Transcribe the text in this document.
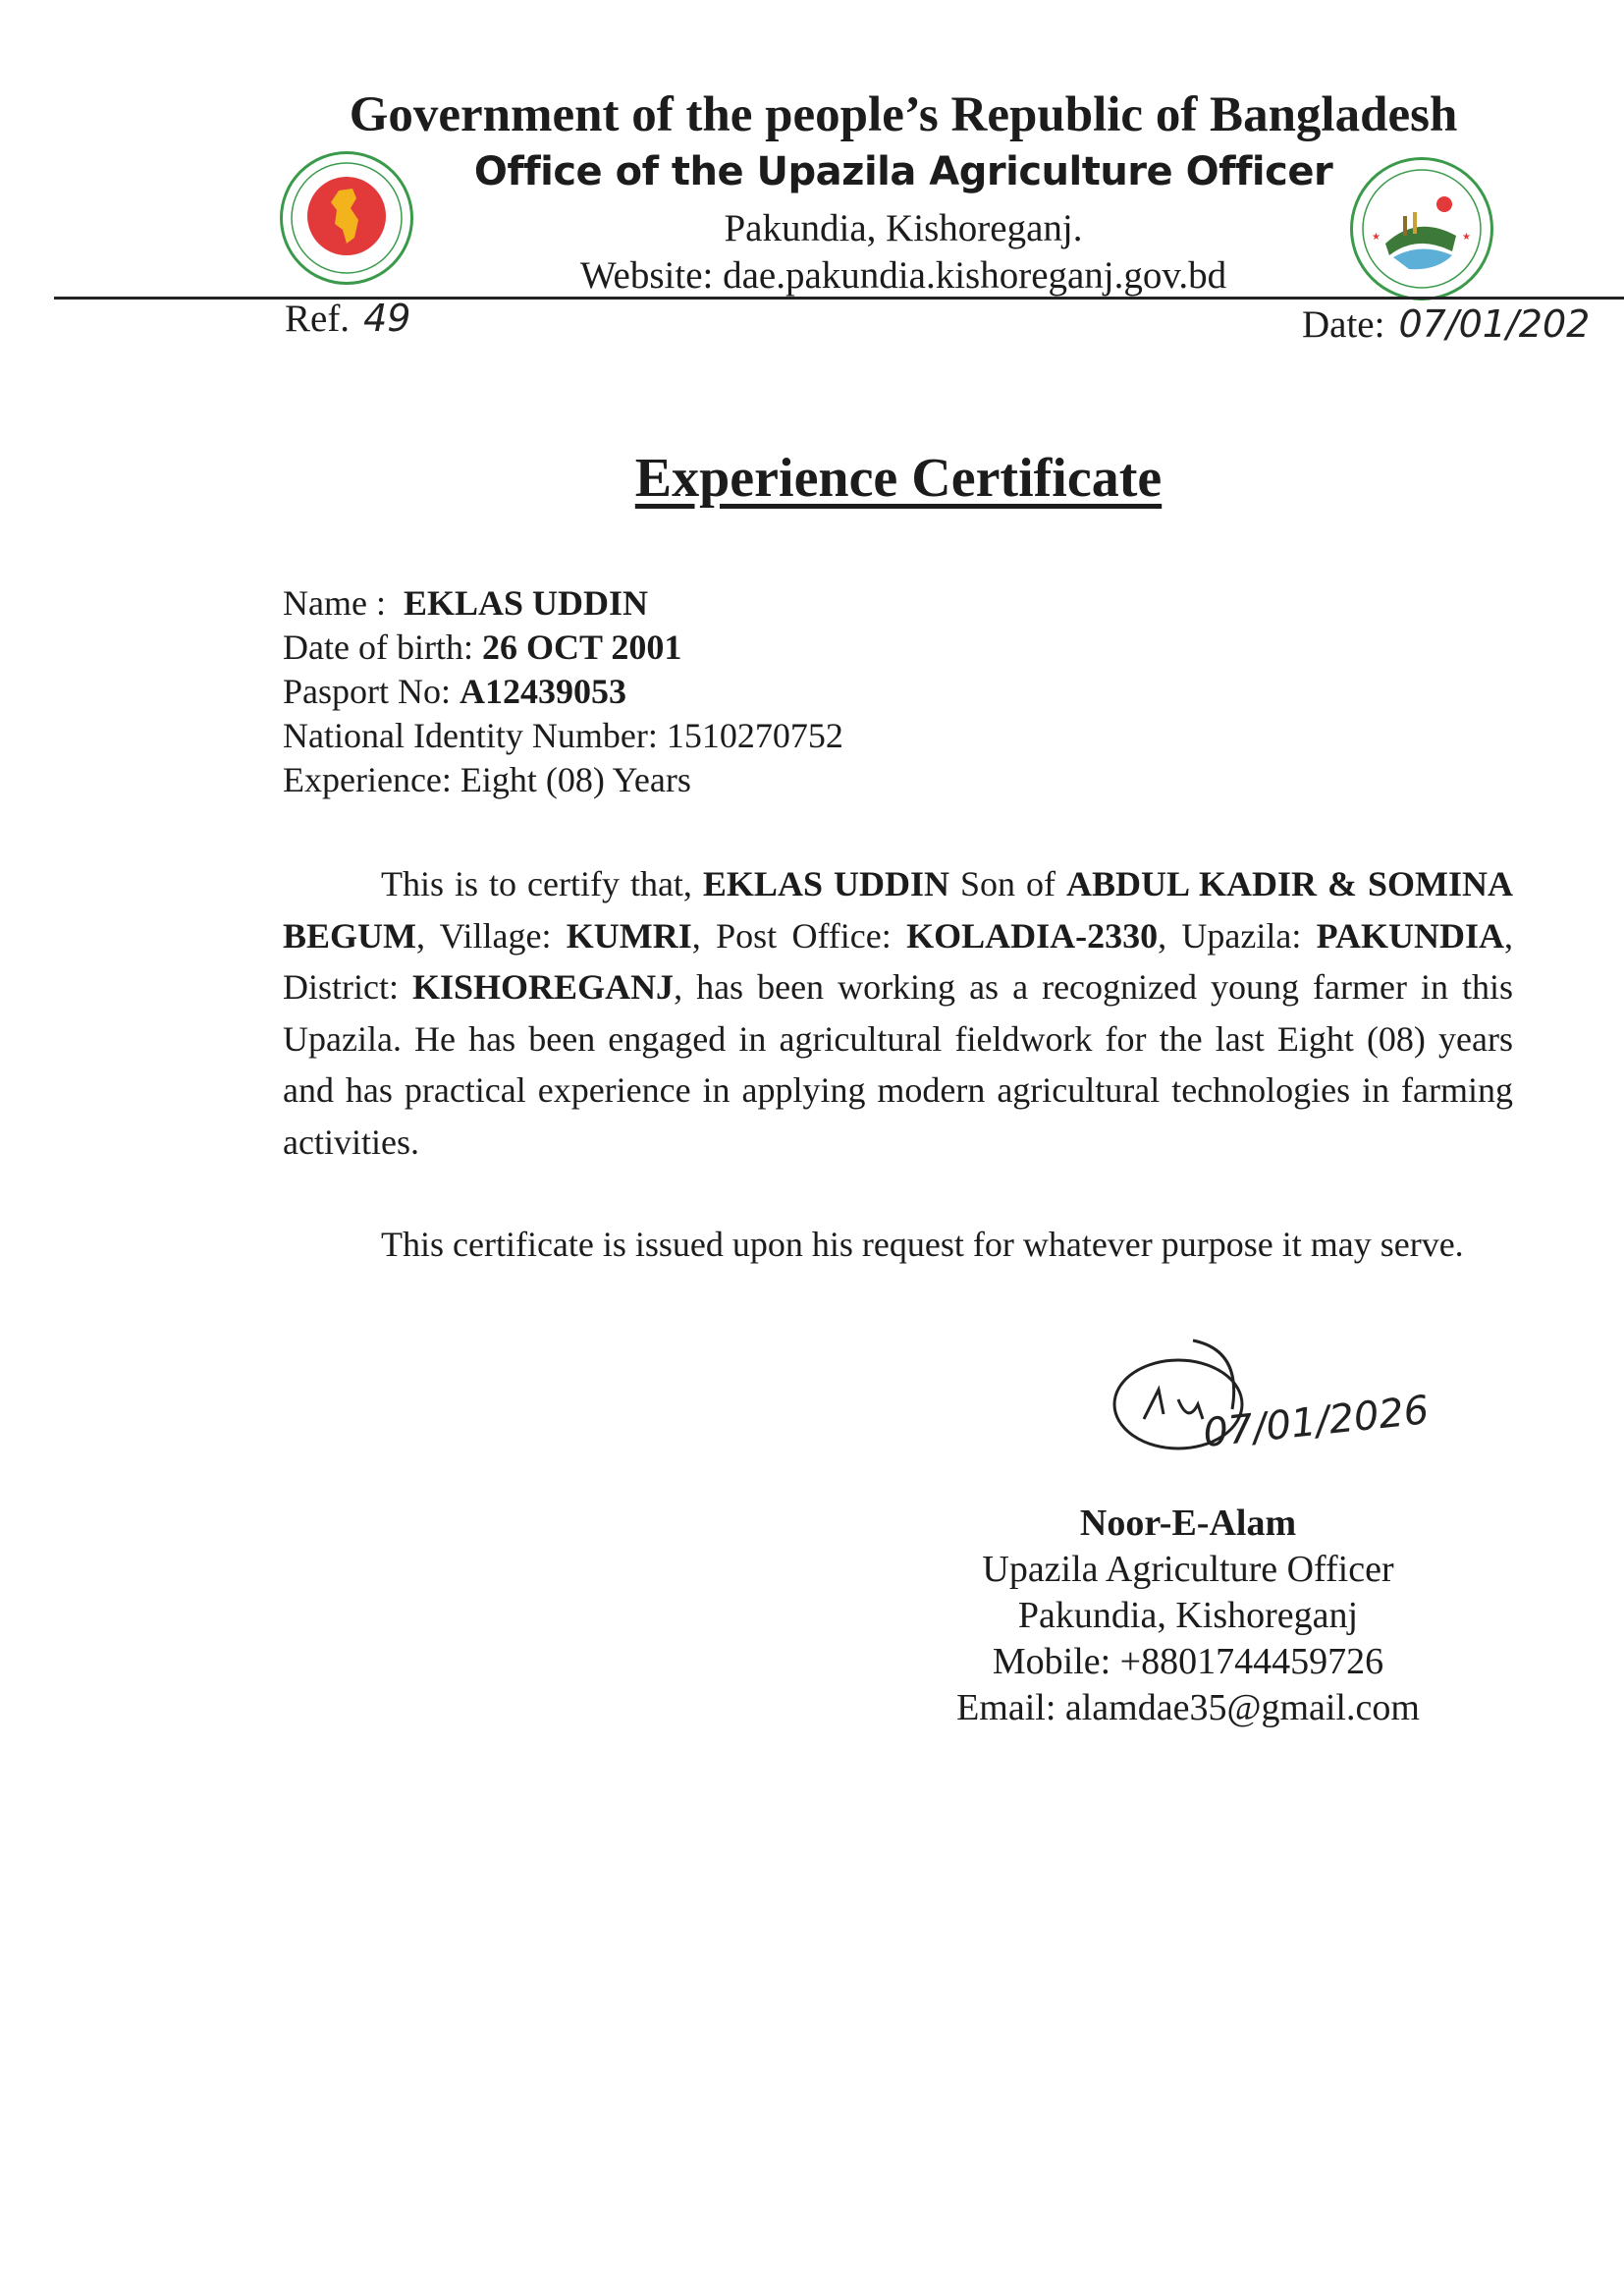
★	★
★	★
Government of the people’s Republic of Bangladesh
Office of the Upazila Agriculture Officer
Pakundia, Kishoreganj.
Website: dae.pakundia.kishoreganj.gov.bd
Ref. 49	Date: 07/01/202
Experience Certificate
Name :  EKLAS UDDIN
Date of birth: 26 OCT 2001
Pasport No: A12439053
National Identity Number: 1510270752
Experience: Eight (08) Years
This is to certify that, EKLAS UDDIN Son of ABDUL KADIR & SOMINA BEGUM, Village: KUMRI, Post Office: KOLADIA-2330, Upazila: PAKUNDIA, District: KISHOREGANJ, has been working as a recognized young farmer in this Upazila. He has been engaged in agricultural fieldwork for the last Eight (08) years and has practical experience in applying modern agricultural technologies in farming activities.
This certificate is issued upon his request for whatever purpose it may serve.
07/01/2026
Noor-E-Alam
Upazila Agriculture Officer
Pakundia, Kishoreganj
Mobile: +8801744459726
Email: alamdae35@gmail.com
